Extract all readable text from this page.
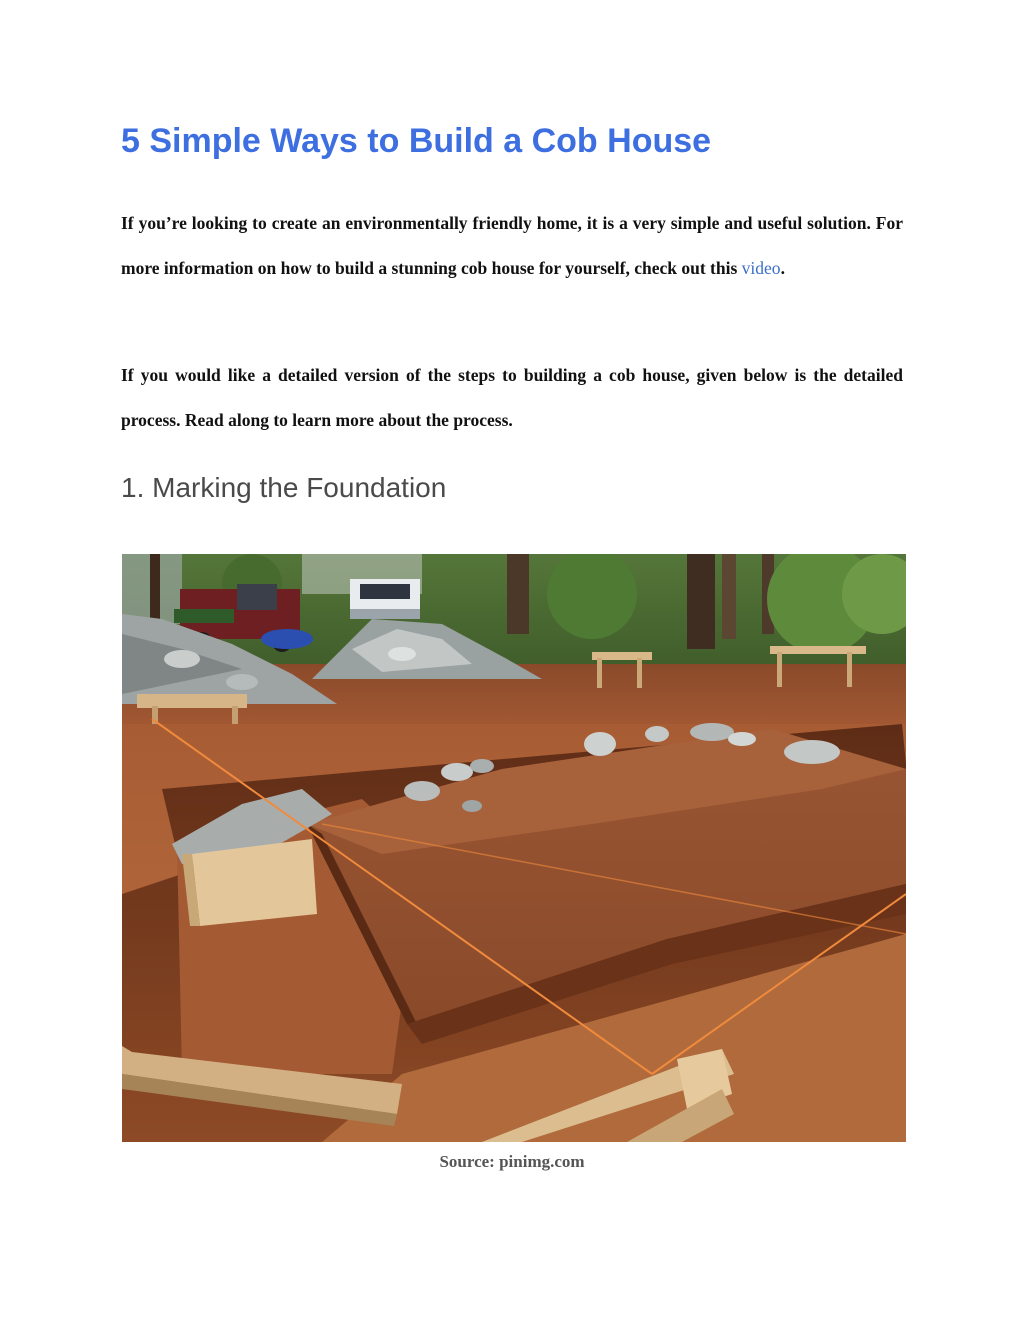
5 Simple Ways to Build a Cob House

If you’re looking to create an environmentally friendly home, it is a very simple and useful solution. For more information on how to build a stunning cob house for yourself, check out this video.

If you would like a detailed version of the steps to building a cob house, given below is the detailed process. Read along to learn more about the process.

1. Marking the Foundation
Source: pinimg.com
